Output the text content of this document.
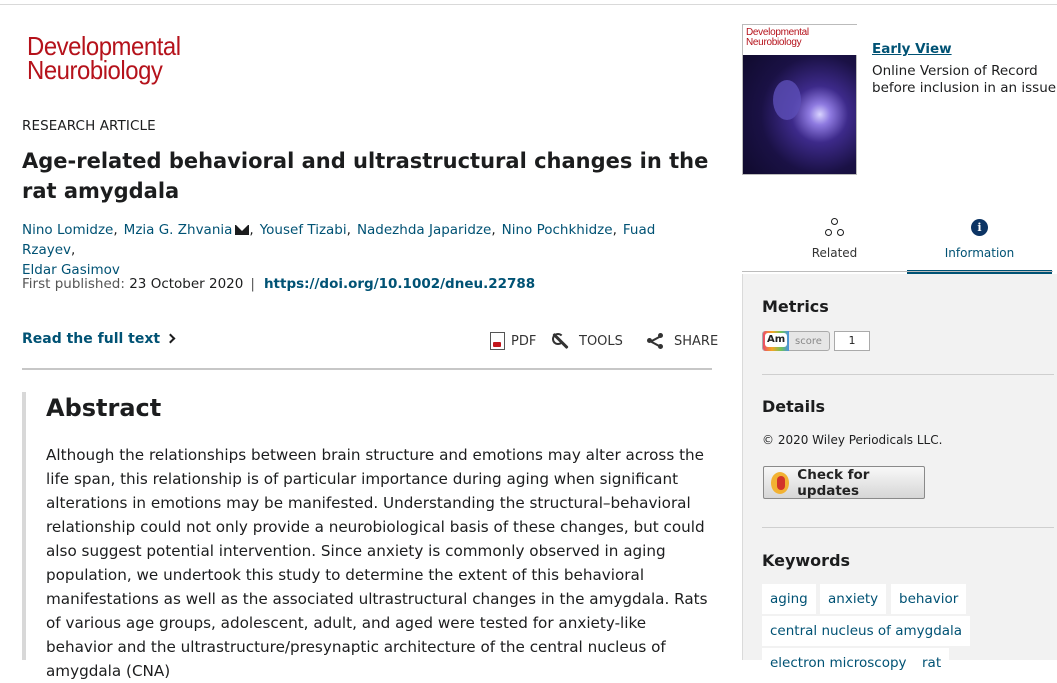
Developmental
Neurobiology
RESEARCH ARTICLE
Age-related behavioral and ultrastructural changes in the rat amygdala
Nino Lomidze, Mzia G. Zhvania , Yousef Tizabi, Nadezhda Japaridze, Nino Pochkhidze, Fuad Rzayev,
Eldar Gasimov
First published: 23 October 2020 | https://doi.org/10.1002/dneu.22788
Read the full text	PDF	TOOLS	SHARE
Abstract

Although the relationships between brain structure and emotions may alter across the life span, this relationship is of particular importance during aging when significant alterations in emotions may be manifested. Understanding the structural–behavioral relationship could not only provide a neurobiological basis of these changes, but could also suggest potential intervention. Since anxiety is commonly observed in aging population, we undertook this study to determine the extent of this behavioral manifestations as well as the associated ultrastructural changes in the amygdala. Rats of various age groups, adolescent, adult, and aged were tested for anxiety-like behavior and the ultrastructure/presynaptic architecture of the central nucleus of amygdala (CNA)

Developmental
Neurobiology	Early View
Online Version of Record before inclusion in an issue
Related
i
Information
Metrics
Am score	1
Details
© 2020 Wiley Periodicals LLC.
Check for updates
Keywords
aging	anxiety	behavior
central nucleus of amygdala
electron microscopy	rat
